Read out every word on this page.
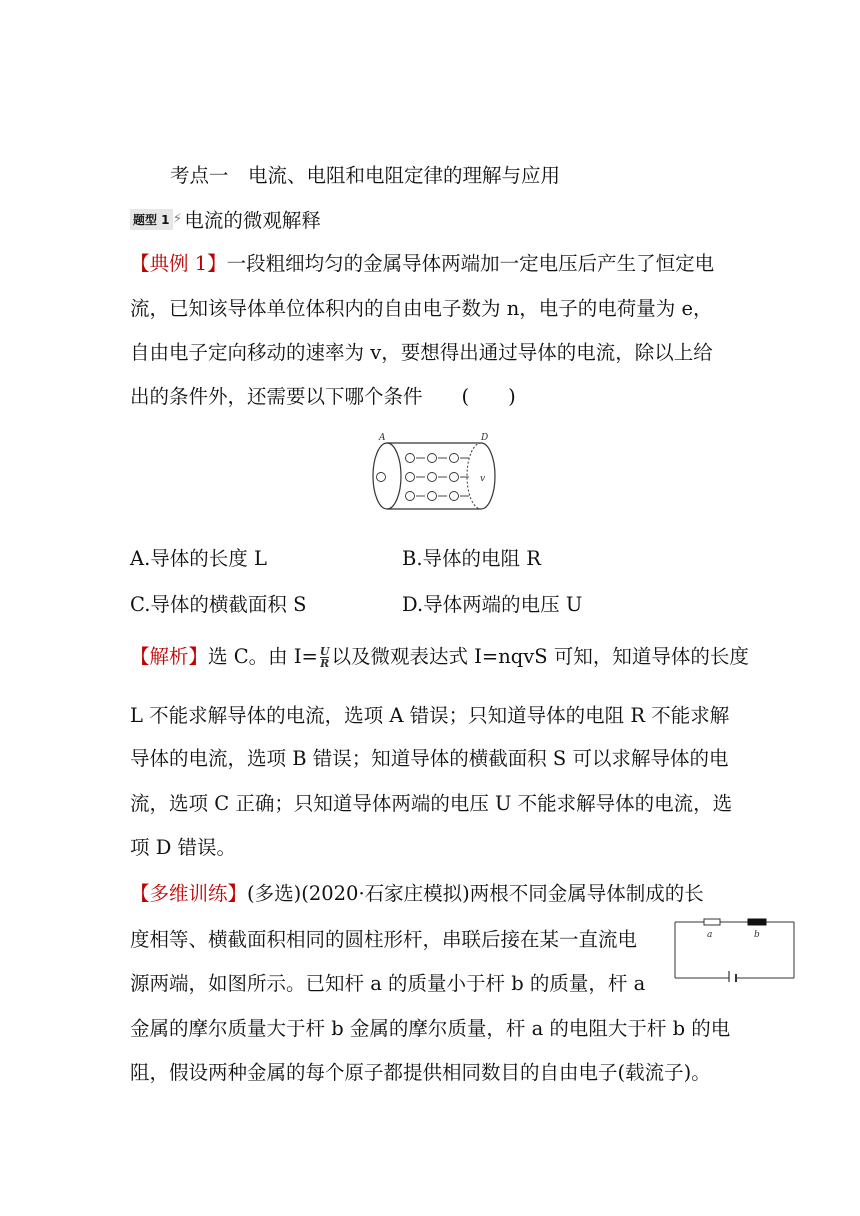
考点一　电流、电阻和电阻定律的理解与应用
题型 1 ⚡ 电流的微观解释
【典例 1】一段粗细均匀的金属导体两端加一定电压后产生了恒定电
流，已知该导体单位体积内的自由电子数为 n，电子的电荷量为 e，
自由电子定向移动的速率为 v，要想得出通过导体的电流，除以上给
出的条件外，还需要以下哪个条件　　(　　)
A	D
v
A.导体的长度 L	B.导体的电阻 R
C.导体的横截面积 S	D.导体两端的电压 U
【解析】选 C。由 $I= \frac{U}{R}$ 以及微观表达式 I=nqvS 可知，知道导体的长度
L 不能求解导体的电流，选项 A 错误；只知道导体的电阻 R 不能求解
导体的电流，选项 B 错误；知道导体的横截面积 S 可以求解导体的电
流，选项 C 正确；只知道导体两端的电压 U 不能求解导体的电流，选
项 D 错误。
【多维训练】(多选)(2020·石家庄模拟)两根不同金属导体制成的长
度相等、横截面积相同的圆柱形杆，串联后接在某一直流电
源两端，如图所示。已知杆 a 的质量小于杆 b 的质量，杆 a
金属的摩尔质量大于杆 b 金属的摩尔质量，杆 a 的电阻大于杆 b 的电
阻，假设两种金属的每个原子都提供相同数目的自由电子(载流子)。
a	b
